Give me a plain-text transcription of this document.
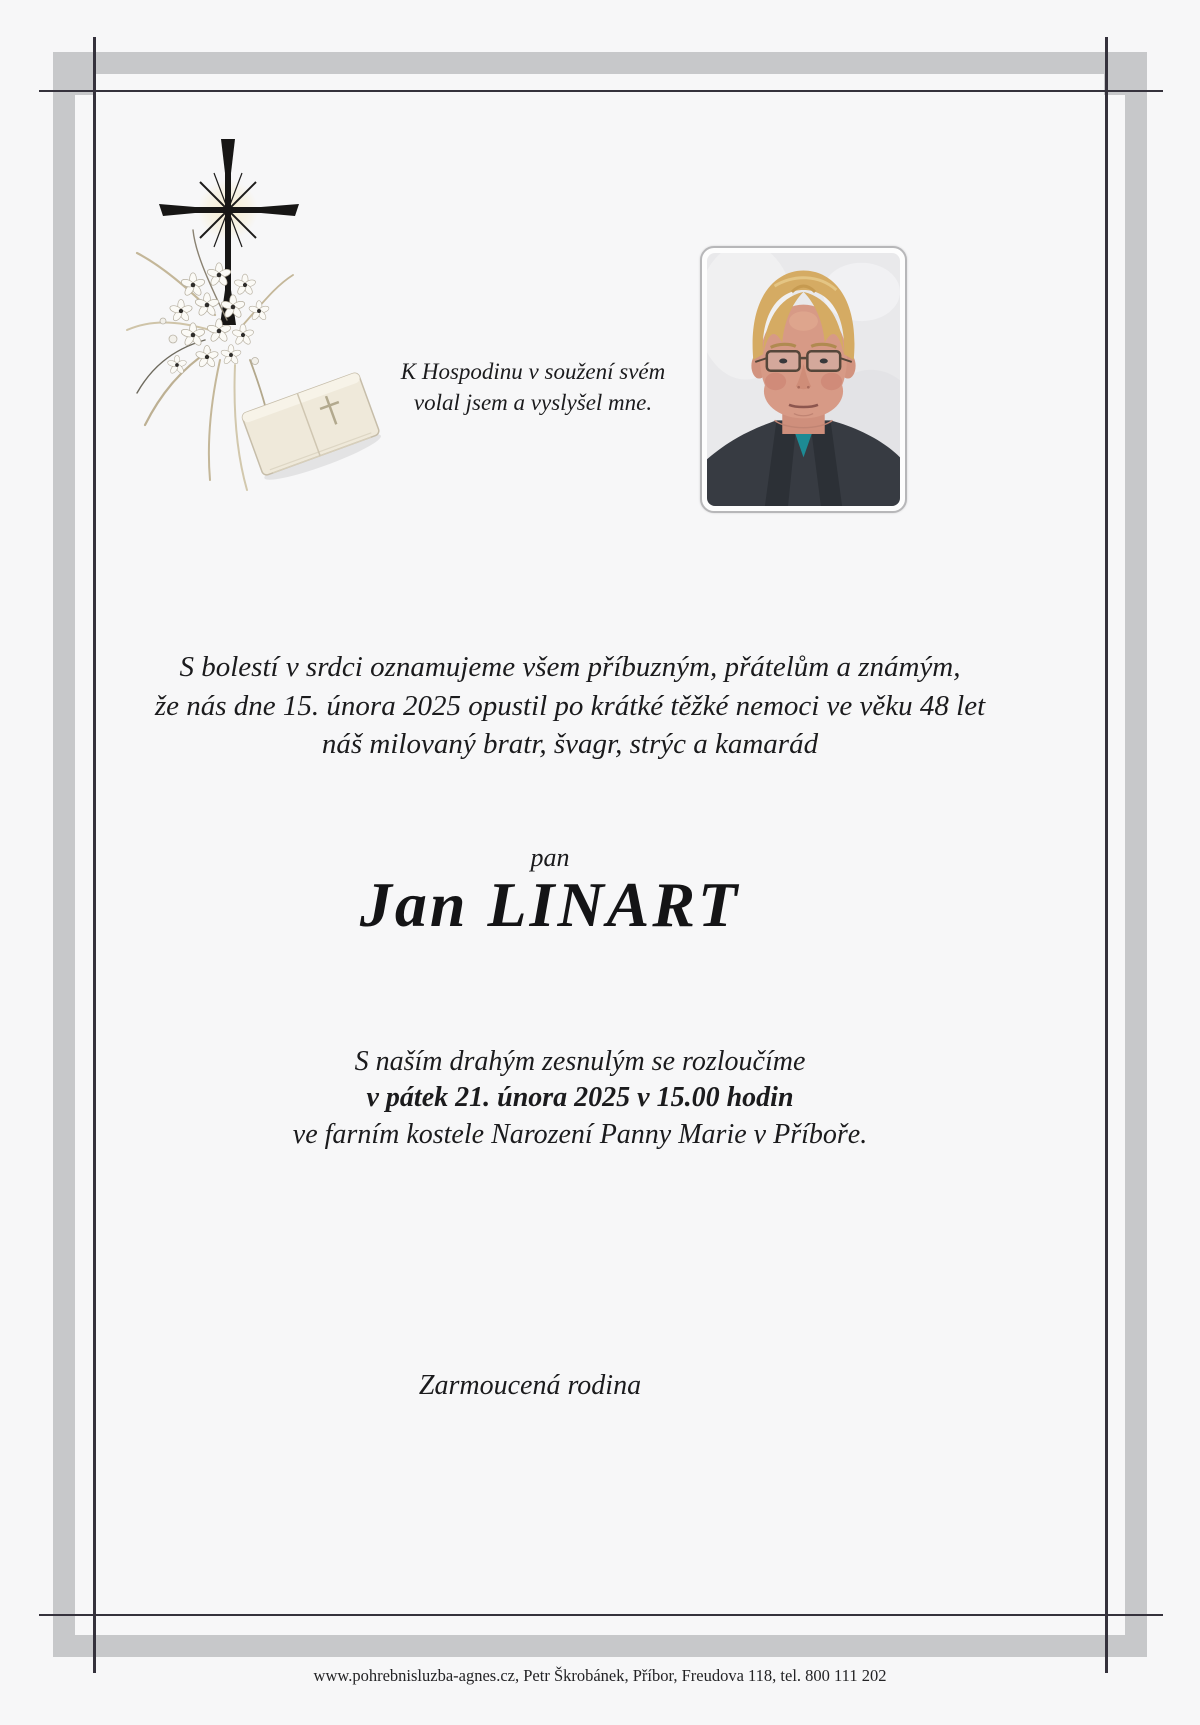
K Hospodinu v soužení svém
volal jsem a vyslyšel mne.
S bolestí v srdci oznamujeme všem příbuzným, přátelům a známým,
že nás dne 15. února 2025 opustil po krátké těžké nemoci ve věku 48 let
náš milovaný bratr, švagr, strýc a kamarád
pan
Jan LINART
S naším drahým zesnulým se rozloučíme
v pátek 21. února 2025 v 15.00 hodin
ve farním kostele Narození Panny Marie v Příboře.
Zarmoucená rodina
www.pohrebnisluzba-agnes.cz, Petr Škrobánek, Příbor, Freudova 118, tel. 800 111 202
